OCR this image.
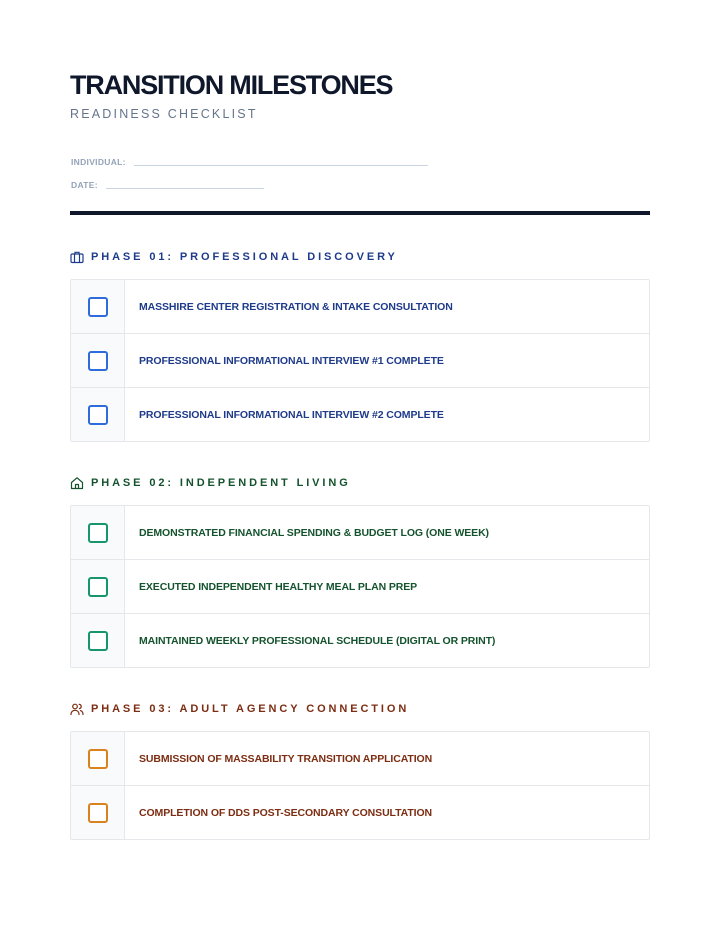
TRANSITION MILESTONES
READINESS CHECKLIST
INDIVIDUAL:
DATE:
PHASE 01: PROFESSIONAL DISCOVERY
MASSHIRE CENTER REGISTRATION & INTAKE CONSULTATION
PROFESSIONAL INFORMATIONAL INTERVIEW #1 COMPLETE
PROFESSIONAL INFORMATIONAL INTERVIEW #2 COMPLETE
PHASE 02: INDEPENDENT LIVING
DEMONSTRATED FINANCIAL SPENDING & BUDGET LOG (ONE WEEK)
EXECUTED INDEPENDENT HEALTHY MEAL PLAN PREP
MAINTAINED WEEKLY PROFESSIONAL SCHEDULE (DIGITAL OR PRINT)
PHASE 03: ADULT AGENCY CONNECTION
SUBMISSION OF MASSABILITY TRANSITION APPLICATION
COMPLETION OF DDS POST-SECONDARY CONSULTATION
